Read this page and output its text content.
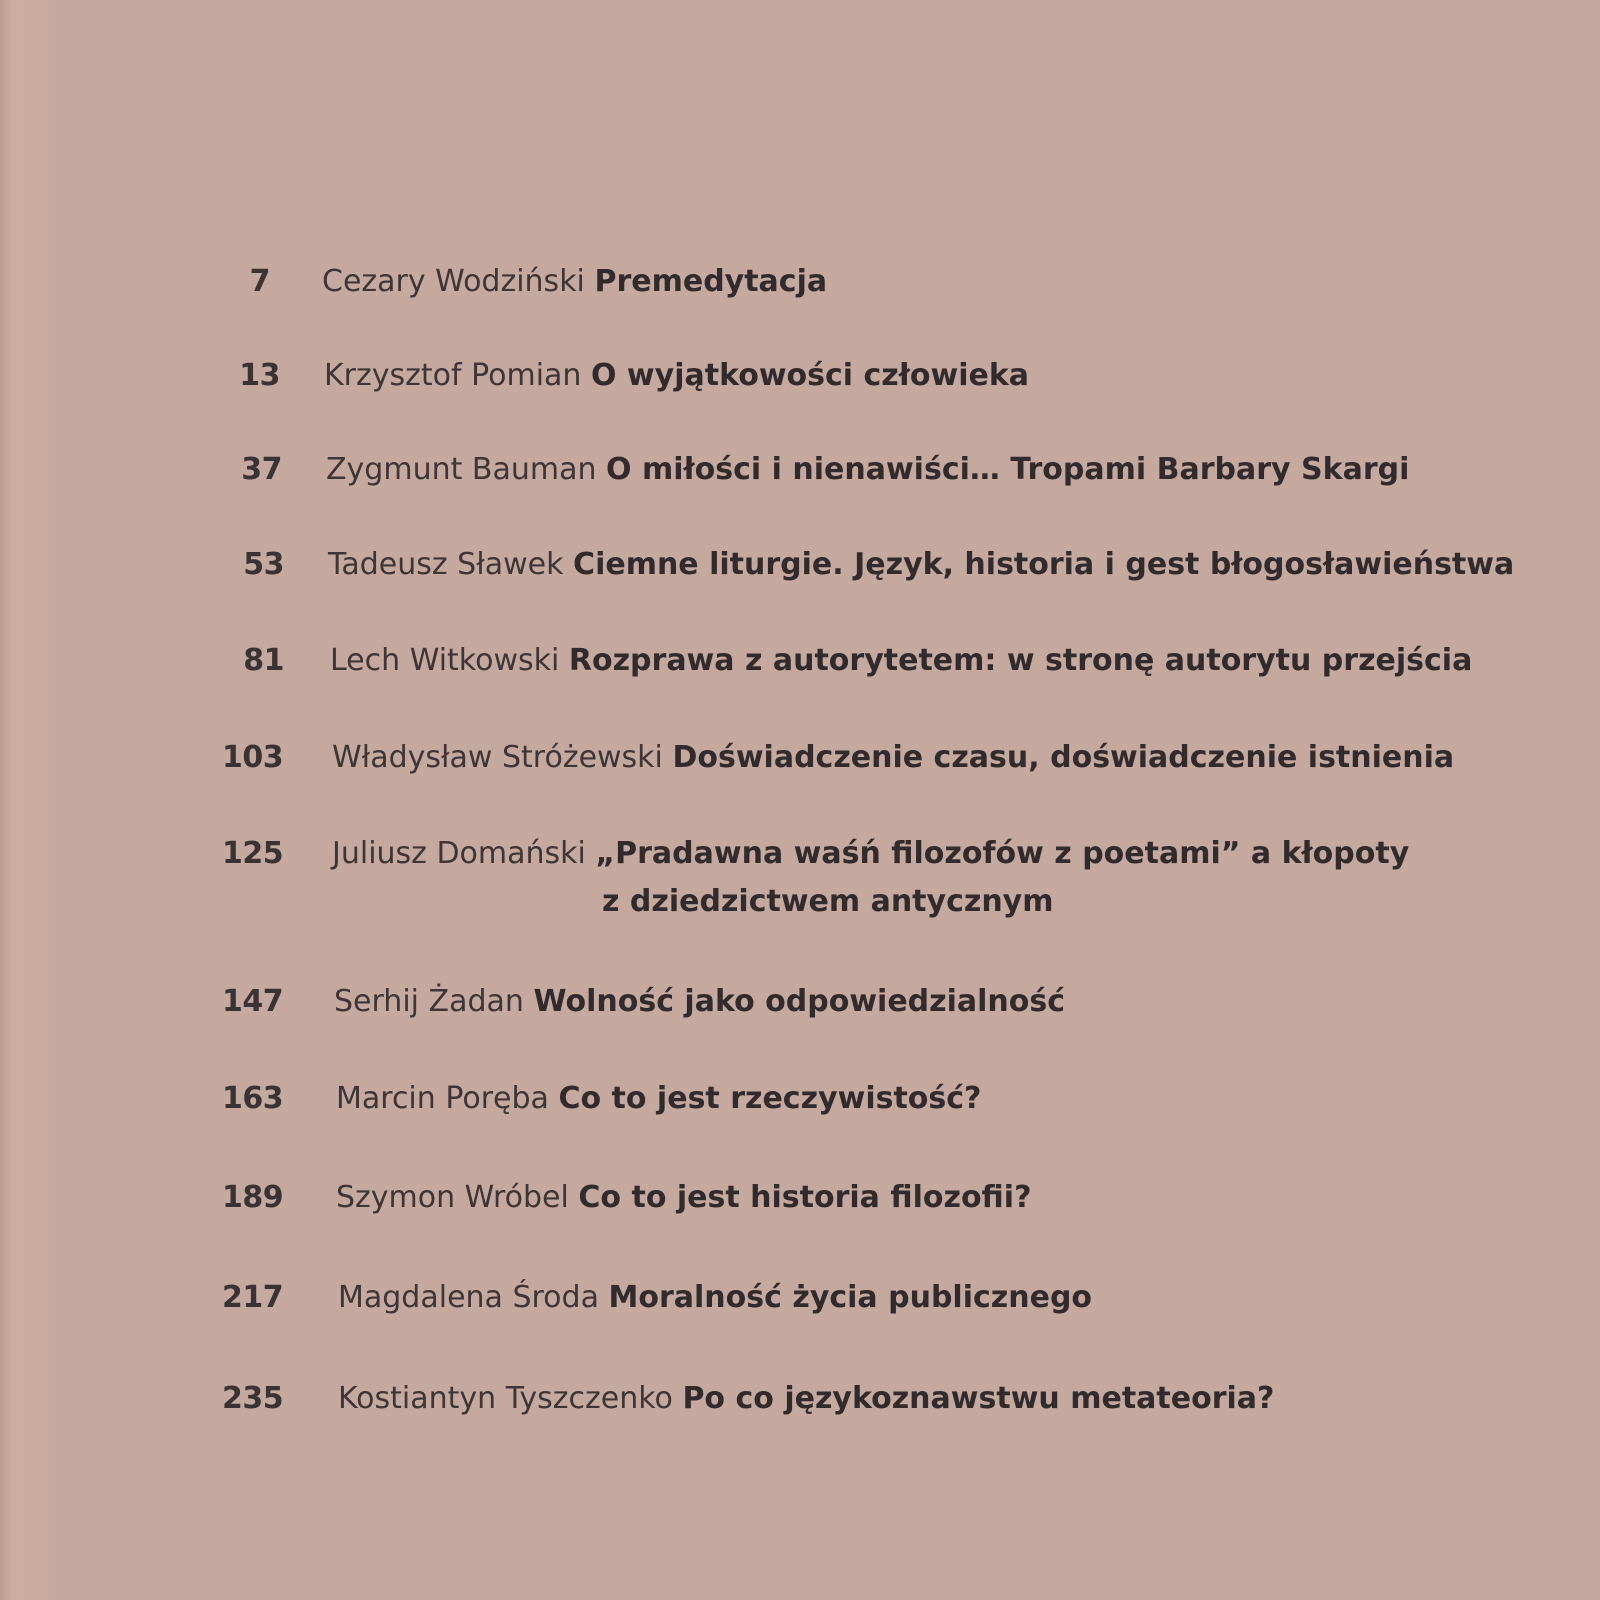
7 Cezary Wodziński Premedytacja
13 Krzysztof Pomian O wyjątkowości człowieka
37 Zygmunt Bauman O miłości i nienawiści… Tropami Barbary Skargi
53 Tadeusz Sławek Ciemne liturgie. Język, historia i gest błogosławieństwa
81 Lech Witkowski Rozprawa z autorytetem: w stronę autorytu przejścia
103 Władysław Stróżewski Doświadczenie czasu, doświadczenie istnienia
125 Juliusz Domański „Pradawna waśń filozofów z poetami” a kłopoty
z dziedzictwem antycznym
147 Serhij Żadan Wolność jako odpowiedzialność
163 Marcin Poręba Co to jest rzeczywistość?
189 Szymon Wróbel Co to jest historia filozofii?
217 Magdalena Środa Moralność życia publicznego
235 Kostiantyn Tyszczenko Po co językoznawstwu metateoria?
